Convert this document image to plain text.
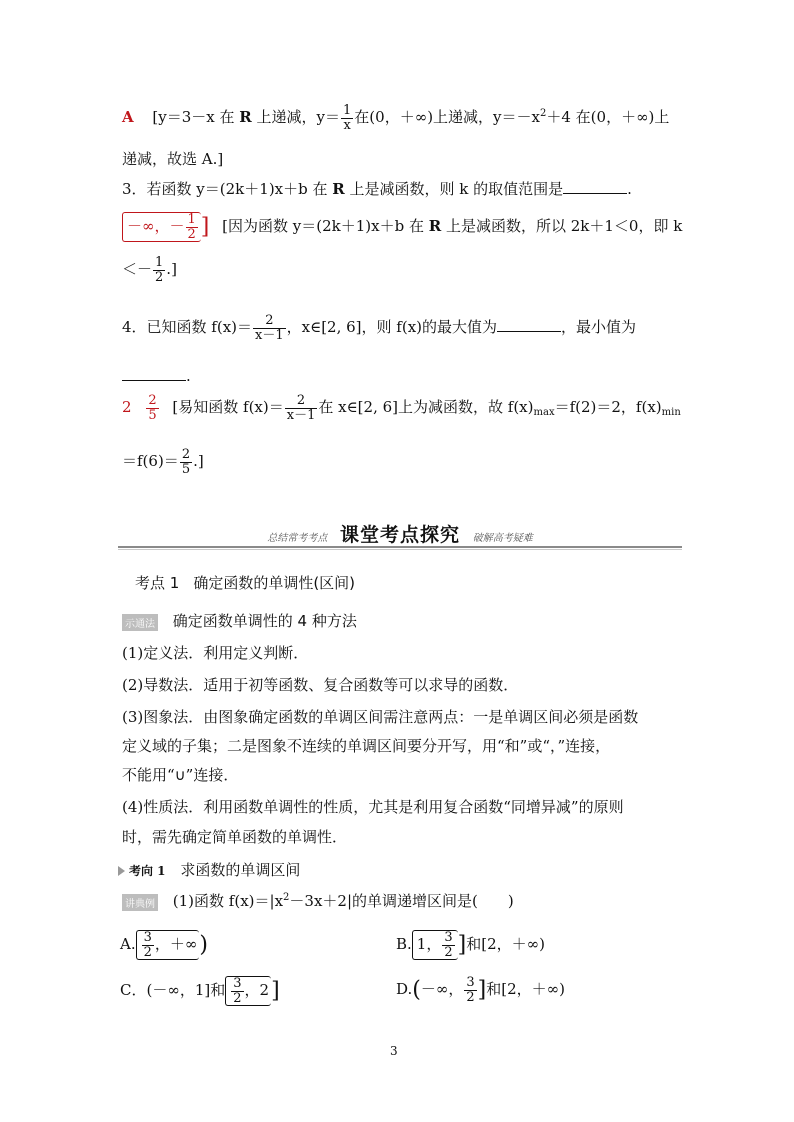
A [y＝3－x 在 R 上递减，$y= \frac{1}{x}$ 在(0，＋∞)上递减，$y=-x^2+4$ 在(0，＋∞)上
递减，故选 A.]
3．若函数 y＝(2k＋1)x＋b 在 R 上是减函数，则 k 的取值范围是	.
－∞，－ $\frac{1}{2}$ ] [因为函数 y＝(2k＋1)x＋b 在 R 上是减函数，所以 2k＋1＜0，即 k
＜－ $\frac{1}{2}$ .]
4．已知函数 $f(x)= \frac{2}{x-1}$ ，x∈[2, 6]，则 f(x)的最大值为	，最小值为
.
$2 \frac{2}{5}$ [易知函数 $f(x)= \frac{2}{x-1}$ 在 x∈[2, 6]上为减函数，故 $f(x)_{max}=f(2)=2$，$f(x)_{min}$
$=f(6)= \frac{2}{5}$ .]
总结常考考点 课堂考点探究 破解高考疑难
考点 1 确定函数的单调性(区间)
示通法 确定函数单调性的 4 种方法
(1)定义法．利用定义判断．
(2)导数法．适用于初等函数、复合函数等可以求导的函数．
(3)图象法．由图象确定函数的单调区间需注意两点：一是单调区间必须是函数
定义域的子集；二是图象不连续的单调区间要分开写，用“和”或“，”连接，
不能用“∪”连接．
(4)性质法．利用函数单调性的性质，尤其是利用复合函数“同增异减”的原则
时，需先确定简单函数的单调性．
考向 1 求函数的单调区间
讲典例 (1)函数 $f(x)=|x^2-3x+2|$的单调递增区间是(　　)
A. $\frac{3}{2}$ ，＋∞)	B. 1， $\frac{3}{2}$ ]和[2，＋∞)
C．(－∞，1]和 $\frac{3}{2}$ ，2]	D.(－∞， $\frac{3}{2}$ ]和[2，＋∞)
3
